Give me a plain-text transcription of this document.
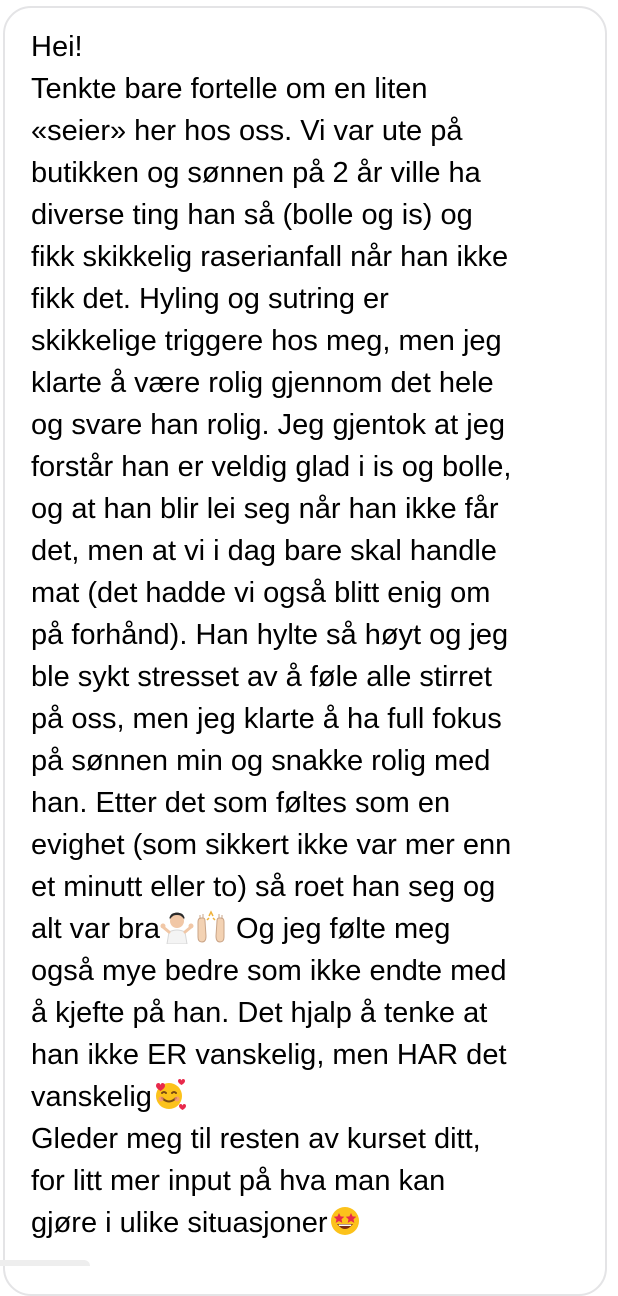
Hei!
Tenkte bare fortelle om en liten
«seier» her hos oss. Vi var ute på
butikken og sønnen på 2 år ville ha
diverse ting han så (bolle og is) og
fikk skikkelig raserianfall når han ikke
fikk det. Hyling og sutring er
skikkelige triggere hos meg, men jeg
klarte å være rolig gjennom det hele
og svare han rolig. Jeg gjentok at jeg
forstår han er veldig glad i is og bolle,
og at han blir lei seg når han ikke får
det, men at vi i dag bare skal handle
mat (det hadde vi også blitt enig om
på forhånd). Han hylte så høyt og jeg
ble sykt stresset av å føle alle stirret
på oss, men jeg klarte å ha full fokus
på sønnen min og snakke rolig med
han. Etter det som føltes som en
evighet (som sikkert ikke var mer enn
et minutt eller to) så roet han seg og
alt var bra Og jeg følte meg
også mye bedre som ikke endte med
å kjefte på han. Det hjalp å tenke at
han ikke ER vanskelig, men HAR det
vanskelig
Gleder meg til resten av kurset ditt,
for litt mer input på hva man kan
gjøre i ulike situasjoner
